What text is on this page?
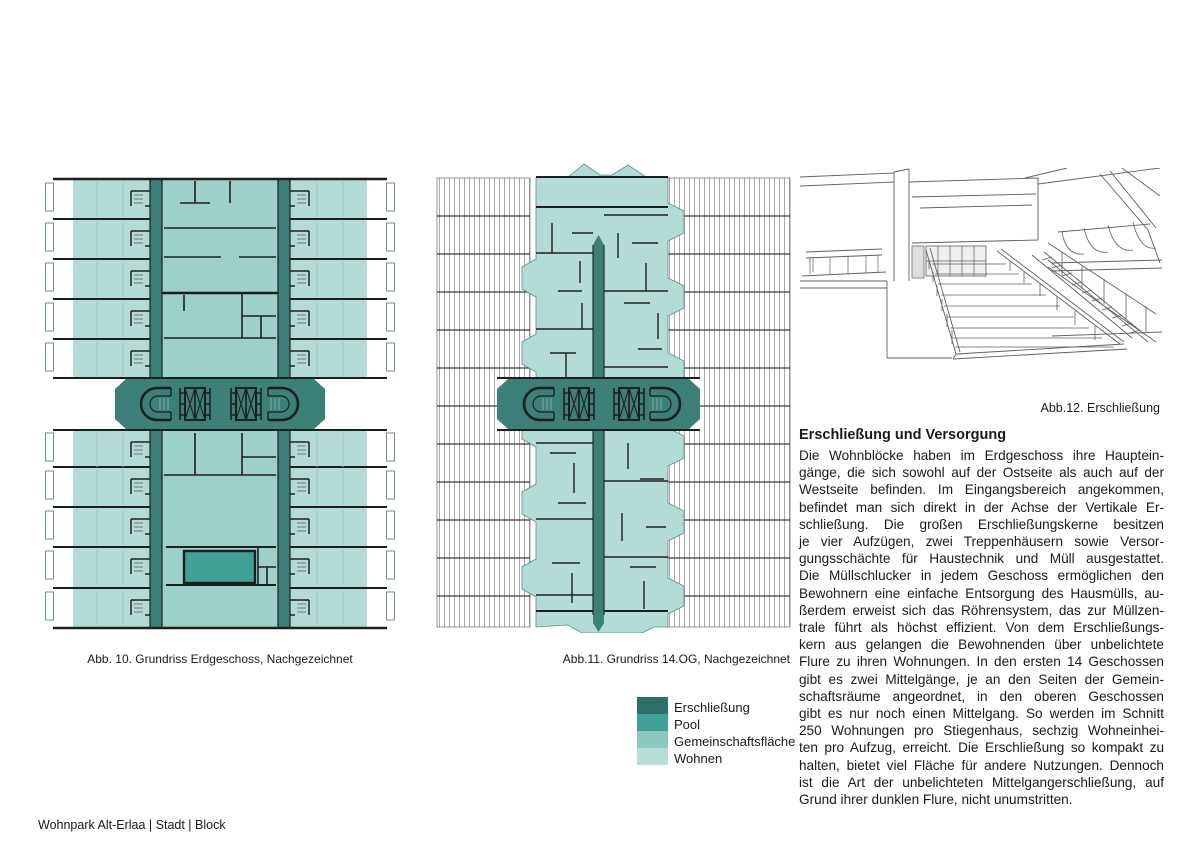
Abb. 10. Grundriss Erdgeschoss, Nachgezeichnet	Abb.11. Grundriss 14.OG, Nachgezeichnet
Abb.12. Erschließung
Erschließung
Pool
Gemeinschaftsfläche
Wohnen
Erschließung und Versorgung
Die Wohnblöcke haben im Erdgeschoss ihre Hauptein-
gänge, die sich sowohl auf der Ostseite als auch auf der
Westseite befinden. Im Eingangsbereich angekommen,
befindet man sich direkt in der Achse der Vertikale Er-
schließung. Die großen Erschließungskerne besitzen
je vier Aufzügen, zwei Treppenhäusern sowie Versor-
gungsschächte für Haustechnik und Müll ausgestattet.
Die Müllschlucker in jedem Geschoss ermöglichen den
Bewohnern eine einfache Entsorgung des Hausmülls, au-
ßerdem erweist sich das Röhrensystem, das zur Müllzen-
trale führt als höchst effizient. Von dem Erschließungs-
kern aus gelangen die Bewohnenden über unbelichtete
Flure zu ihren Wohnungen. In den ersten 14 Geschossen
gibt es zwei Mittelgänge, je an den Seiten der Gemein-
schaftsräume angeordnet, in den oberen Geschossen
gibt es nur noch einen Mittelgang. So werden im Schnitt
250 Wohnungen pro Stiegenhaus, sechzig Wohneinhei-
ten pro Aufzug, erreicht. Die Erschließung so kompakt zu
halten, bietet viel Fläche für andere Nutzungen. Dennoch
ist die Art der unbelichteten Mittelgangerschließung, auf
Grund ihrer dunklen Flure, nicht unumstritten.
Wohnpark Alt-Erlaa | Stadt | Block
